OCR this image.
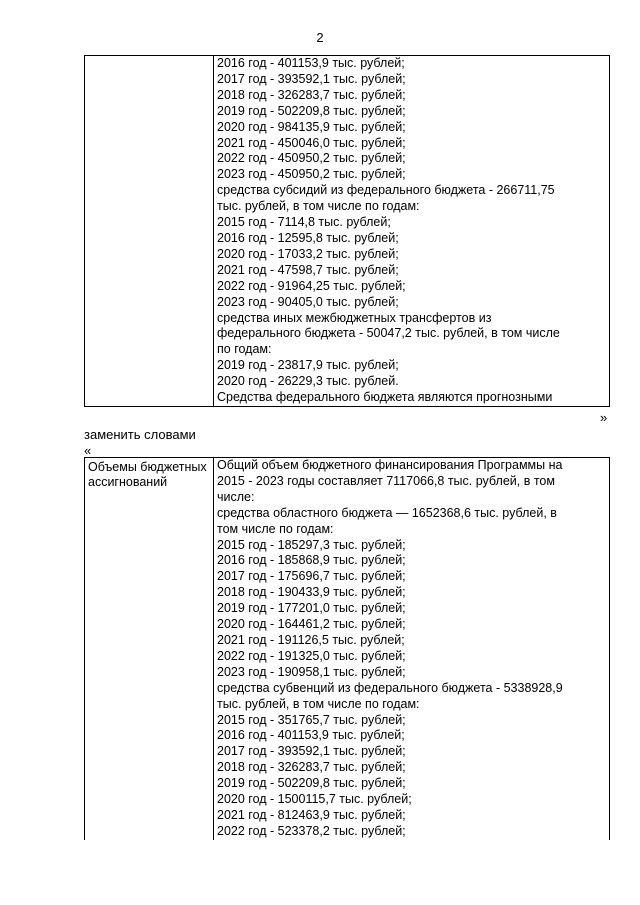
2

2016 год - 401153,9 тыс. рублей;
2017 год - 393592,1 тыс. рублей;
2018 год - 326283,7 тыс. рублей;
2019 год - 502209,8 тыс. рублей;
2020 год - 984135,9 тыс. рублей;
2021 год - 450046,0 тыс. рублей;
2022 год - 450950,2 тыс. рублей;
2023 год - 450950,2 тыс. рублей;
средства субсидий из федерального бюджета - 266711,75
тыс. рублей, в том числе по годам:
2015 год - 7114,8 тыс. рублей;
2016 год - 12595,8 тыс. рублей;
2020 год - 17033,2 тыс. рублей;
2021 год - 47598,7 тыс. рублей;
2022 год - 91964,25 тыс. рублей;
2023 год - 90405,0 тыс. рублей;
средства иных межбюджетных трансфертов из
федерального бюджета - 50047,2 тыс. рублей, в том числе
по годам:
2019 год - 23817,9 тыс. рублей;
2020 год - 26229,3 тыс. рублей.
Средства федерального бюджета являются прогнозными
»
заменить словами
«
Объемы бюджетных ассигнований	
Общий объем бюджетного финансирования Программы на
2015 - 2023 годы составляет 7117066,8 тыс. рублей, в том
числе:
средства областного бюджета — 1652368,6 тыс. рублей, в
том числе по годам:
2015 год - 185297,3 тыс. рублей;
2016 год - 185868,9 тыс. рублей;
2017 год - 175696,7 тыс. рублей;
2018 год - 190433,9 тыс. рублей;
2019 год - 177201,0 тыс. рублей;
2020 год - 164461,2 тыс. рублей;
2021 год - 191126,5 тыс. рублей;
2022 год - 191325,0 тыс. рублей;
2023 год - 190958,1 тыс. рублей;
средства субвенций из федерального бюджета - 5338928,9
тыс. рублей, в том числе по годам:
2015 год - 351765,7 тыс. рублей;
2016 год - 401153,9 тыс. рублей;
2017 год - 393592,1 тыс. рублей;
2018 год - 326283,7 тыс. рублей;
2019 год - 502209,8 тыс. рублей;
2020 год - 1500115,7 тыс. рублей;
2021 год - 812463,9 тыс. рублей;
2022 год - 523378,2 тыс. рублей;
